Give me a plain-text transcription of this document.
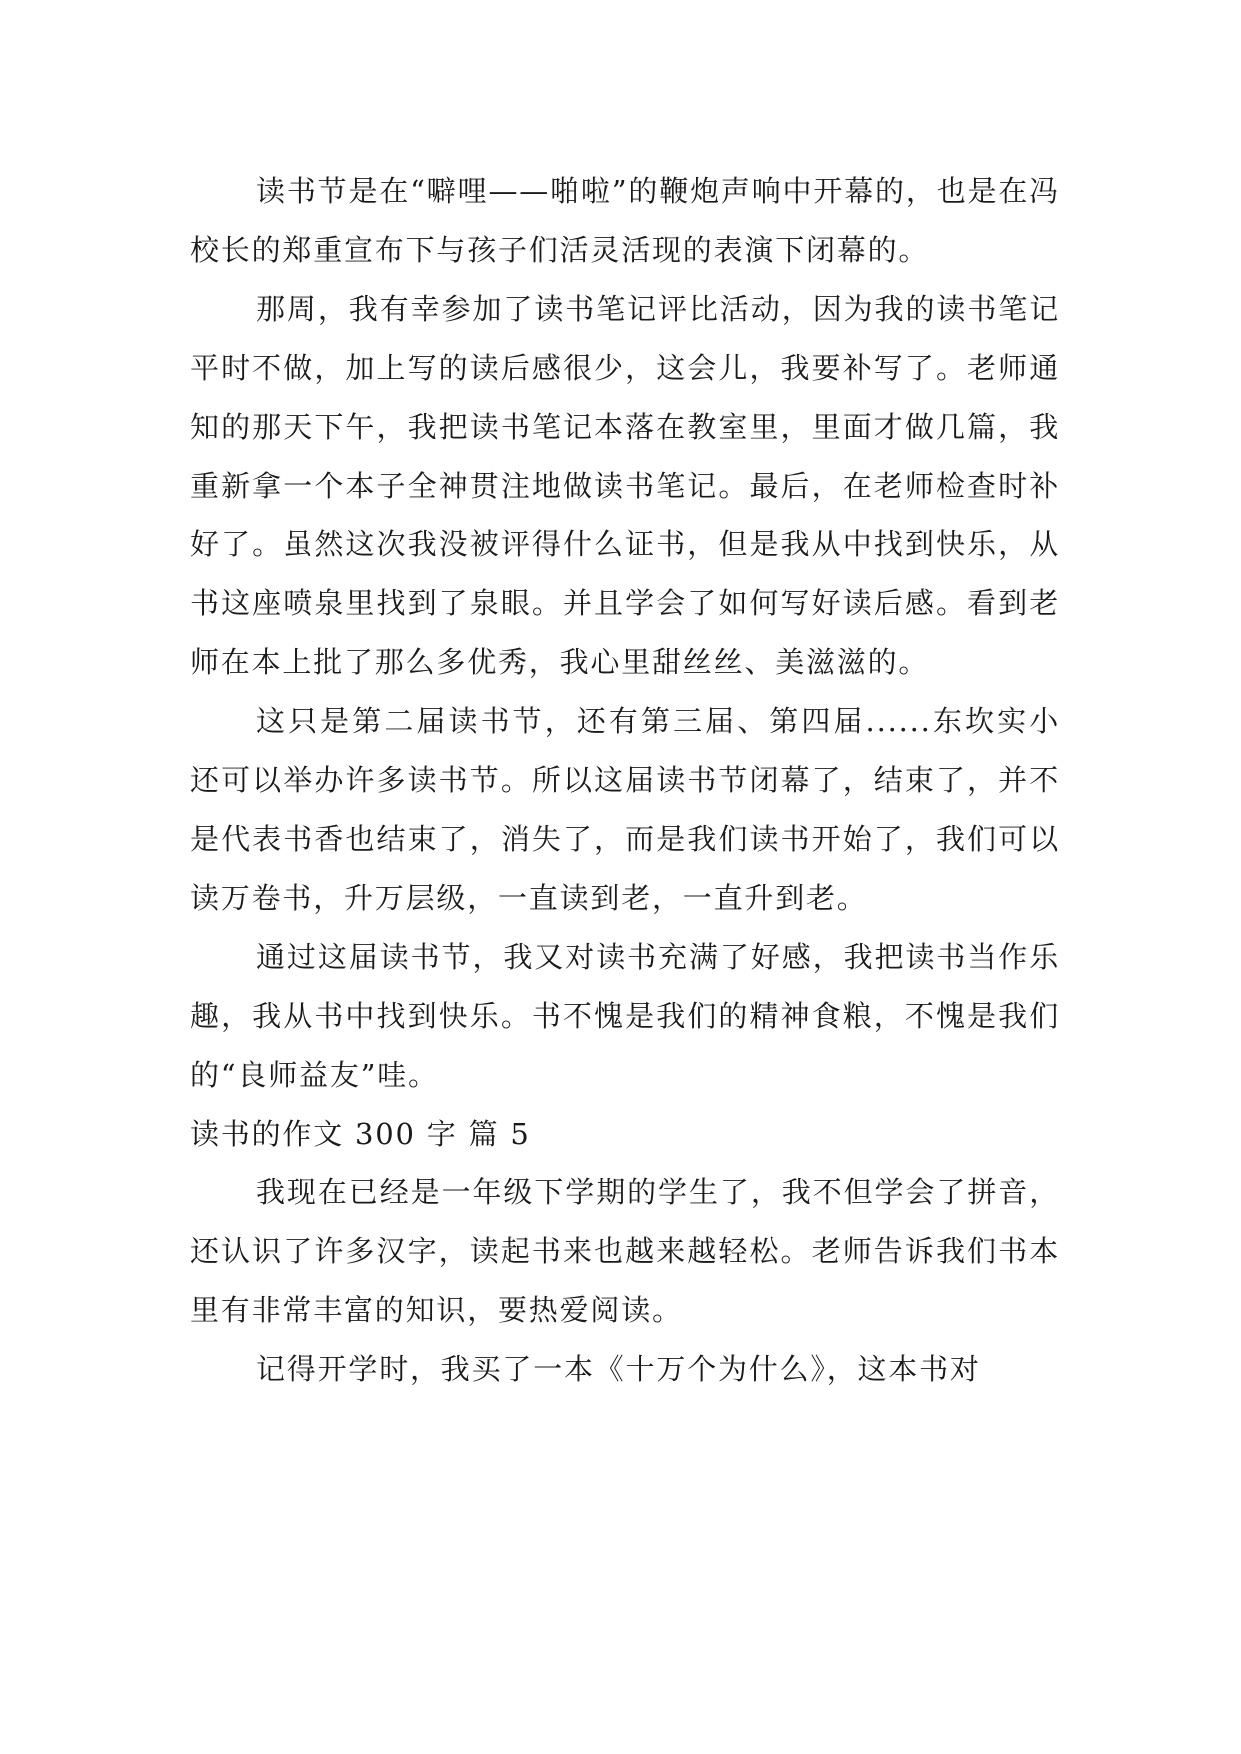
读书节是在“噼哩——啪啦”的鞭炮声响中开幕的，也是在冯校长的郑重宣布下与孩子们活灵活现的表演下闭幕的。

那周，我有幸参加了读书笔记评比活动，因为我的读书笔记平时不做，加上写的读后感很少，这会儿，我要补写了。老师通知的那天下午，我把读书笔记本落在教室里，里面才做几篇，我重新拿一个本子全神贯注地做读书笔记。最后，在老师检查时补好了。虽然这次我没被评得什么证书，但是我从中找到快乐，从书这座喷泉里找到了泉眼。并且学会了如何写好读后感。看到老师在本上批了那么多优秀，我心里甜丝丝、美滋滋的。

这只是第二届读书节，还有第三届、第四届......东坎实小还可以举办许多读书节。所以这届读书节闭幕了，结束了，并不是代表书香也结束了，消失了，而是我们读书开始了，我们可以读万卷书，升万层级，一直读到老，一直升到老。

通过这届读书节，我又对读书充满了好感，我把读书当作乐趣，我从书中找到快乐。书不愧是我们的精神食粮，不愧是我们的“良师益友”哇。

读书的作文 300 字 篇 5

我现在已经是一年级下学期的学生了，我不但学会了拼音，还认识了许多汉字，读起书来也越来越轻松。老师告诉我们书本里有非常丰富的知识，要热爱阅读。

记得开学时，我买了一本《十万个为什么》，这本书对
